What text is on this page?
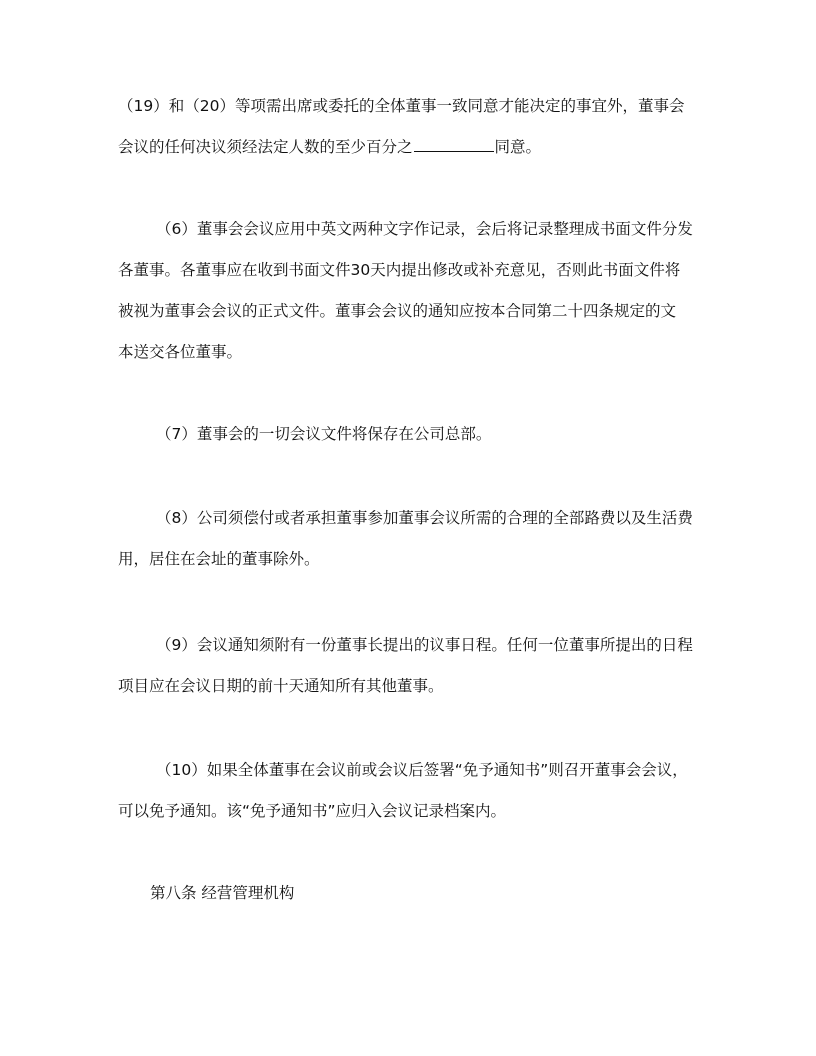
（19）和（20）等项需出席或委托的全体董事一致同意才能决定的事宜外，董事会
会议的任何决议须经法定人数的至少百分之	同意。
（6）董事会会议应用中英文两种文字作记录，会后将记录整理成书面文件分发
各董事。各董事应在收到书面文件30天内提出修改或补充意见，否则此书面文件将
被视为董事会会议的正式文件。董事会会议的通知应按本合同第二十四条规定的文
本送交各位董事。
（7）董事会的一切会议文件将保存在公司总部。
（8）公司须偿付或者承担董事参加董事会议所需的合理的全部路费以及生活费
用，居住在会址的董事除外。
（9）会议通知须附有一份董事长提出的议事日程。任何一位董事所提出的日程
项目应在会议日期的前十天通知所有其他董事。
（10）如果全体董事在会议前或会议后签署“免予通知书”则召开董事会会议，
可以免予通知。该“免予通知书”应归入会议记录档案内。
第八条 经营管理机构
